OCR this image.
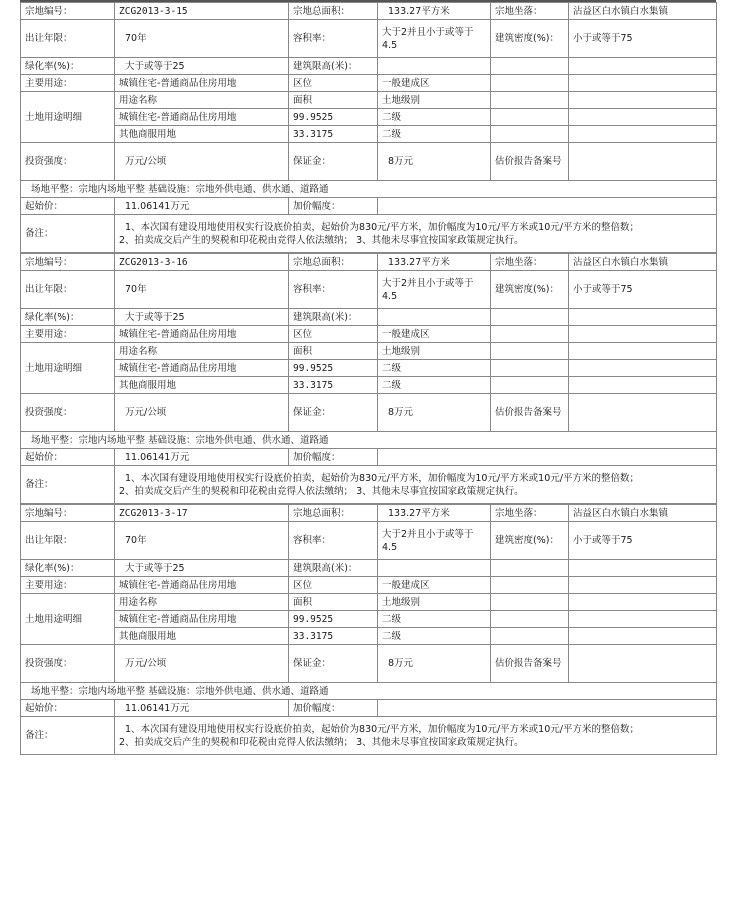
宗地编号：	ZCG2013-3-15	宗地总面积：	133.27平方米	宗地坐落：	沾益区白水镇白水集镇
出让年限：	70年	容积率：	大于2并且小于或等于4.5	建筑密度(%)：	小于或等于75
绿化率(%)：	大于或等于25	建筑限高(米)：			
主要用途：	城镇住宅-普通商品住房用地	区位	一般建成区		
土地用途明细	用途名称	面积	土地级别		
	城镇住宅-普通商品住房用地	99.9525	二级		
	其他商服用地	33.3175	二级		
投资强度：	万元/公顷	保证金：	8万元	估价报告备案号	
场地平整：宗地内场地平整 基础设施：宗地外供电通、供水通、道路通					
起始价：	11.06141万元	加价幅度：			
备注：	1、本次国有建设用地使用权实行设底价拍卖，起始价为830元/平方米，加价幅度为10元/平方米或10元/平方米的整倍数；
2、拍卖成交后产生的契税和印花税由竞得人依法缴纳； 3、其他未尽事宜按国家政策规定执行。				
宗地编号：	ZCG2013-3-16	宗地总面积：	133.27平方米	宗地坐落：	沾益区白水镇白水集镇
出让年限：	70年	容积率：	大于2并且小于或等于4.5	建筑密度(%)：	小于或等于75
绿化率(%)：	大于或等于25	建筑限高(米)：			
主要用途：	城镇住宅-普通商品住房用地	区位	一般建成区		
土地用途明细	用途名称	面积	土地级别		
	城镇住宅-普通商品住房用地	99.9525	二级		
	其他商服用地	33.3175	二级		
投资强度：	万元/公顷	保证金：	8万元	估价报告备案号	
场地平整：宗地内场地平整 基础设施：宗地外供电通、供水通、道路通					
起始价：	11.06141万元	加价幅度：			
备注：	1、本次国有建设用地使用权实行设底价拍卖，起始价为830元/平方米，加价幅度为10元/平方米或10元/平方米的整倍数；
2、拍卖成交后产生的契税和印花税由竞得人依法缴纳； 3、其他未尽事宜按国家政策规定执行。				
宗地编号：	ZCG2013-3-17	宗地总面积：	133.27平方米	宗地坐落：	沾益区白水镇白水集镇
出让年限：	70年	容积率：	大于2并且小于或等于4.5	建筑密度(%)：	小于或等于75
绿化率(%)：	大于或等于25	建筑限高(米)：			
主要用途：	城镇住宅-普通商品住房用地	区位	一般建成区		
土地用途明细	用途名称	面积	土地级别		
	城镇住宅-普通商品住房用地	99.9525	二级		
	其他商服用地	33.3175	二级		
投资强度：	万元/公顷	保证金：	8万元	估价报告备案号	
场地平整：宗地内场地平整 基础设施：宗地外供电通、供水通、道路通					
起始价：	11.06141万元	加价幅度：			
备注：	1、本次国有建设用地使用权实行设底价拍卖，起始价为830元/平方米，加价幅度为10元/平方米或10元/平方米的整倍数；
2、拍卖成交后产生的契税和印花税由竞得人依法缴纳； 3、其他未尽事宜按国家政策规定执行。				
